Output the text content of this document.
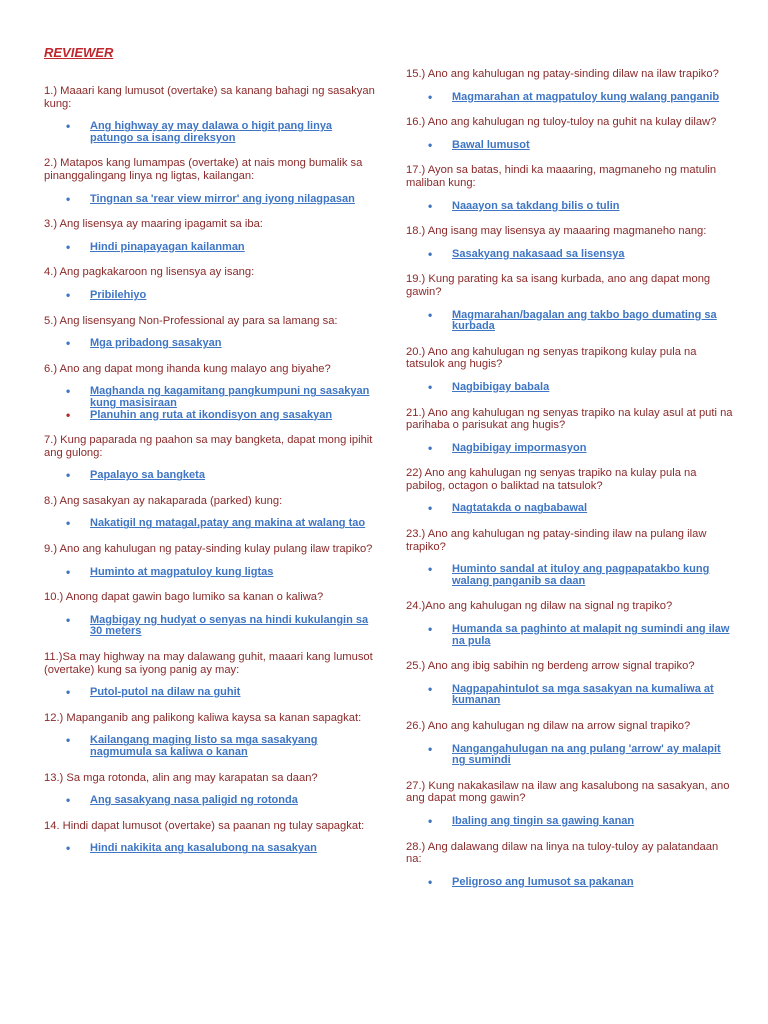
REVIEWER
1.) Maaari kang lumusot (overtake) sa kanang bahagi ng sasakyan kung:
• Ang highway ay may dalawa o higit pang linya patungo sa isang direksyon
2.) Matapos kang lumampas (overtake) at nais mong bumalik sa pinanggalingang linya ng ligtas, kailangan:
• Tingnan sa 'rear view mirror' ang iyong nilagpasan
3.) Ang lisensya ay maaring ipagamit sa iba:
• Hindi pinapayagan kailanman
4.) Ang pagkakaroon ng lisensya ay isang:
• Pribilehiyo
5.) Ang lisensyang Non-Professional ay para sa lamang sa:
• Mga pribadong sasakyan
6.) Ano ang dapat mong ihanda kung malayo ang biyahe?
• Maghanda ng kagamitang pangkumpuni ng sasakyan kung masisiraan
• Planuhin ang ruta at ikondisyon ang sasakyan
7.) Kung paparada ng paahon sa may bangketa, dapat mong ipihit ang gulong:
• Papalayo sa bangketa
8.) Ang sasakyan ay nakaparada (parked) kung:
• Nakatigil ng matagal,patay ang makina at walang tao
9.) Ano ang kahulugan ng patay-sinding kulay pulang ilaw trapiko?
• Huminto at magpatuloy kung ligtas
10.) Anong dapat gawin bago lumiko sa kanan o kaliwa?
• Magbigay ng hudyat o senyas na hindi kukulangin sa 30 meters
11.)Sa may highway na may dalawang guhit, maaari kang lumusot (overtake) kung sa iyong panig ay may:
• Putol-putol na dilaw na guhit
12.) Mapanganib ang palikong kaliwa kaysa sa kanan sapagkat:
• Kailangang maging listo sa mga sasakyang nagmumula sa kaliwa o kanan
13.) Sa mga rotonda, alin ang may karapatan sa daan?
• Ang sasakyang nasa paligid ng rotonda
14. Hindi dapat lumusot (overtake) sa paanan ng tulay sapagkat:
• Hindi nakikita ang kasalubong na sasakyan
15.) Ano ang kahulugan ng patay-sinding dilaw na ilaw trapiko?
• Magmarahan at magpatuloy kung walang panganib
16.) Ano ang kahulugan ng tuloy-tuloy na guhit na kulay dilaw?
• Bawal lumusot
17.) Ayon sa batas, hindi ka maaaring, magmaneho ng matulin maliban kung:
• Naaayon sa takdang bilis o tulin
18.) Ang isang may lisensya ay maaaring magmaneho nang:
• Sasakyang nakasaad sa lisensya
19.) Kung parating ka sa isang kurbada, ano ang dapat mong gawin?
• Magmarahan/bagalan ang takbo bago dumating sa kurbada
20.) Ano ang kahulugan ng senyas trapikong kulay pula na tatsulok ang hugis?
• Nagbibigay babala
21.) Ano ang kahulugan ng senyas trapiko na kulay asul at puti na parihaba o parisukat ang hugis?
• Nagbibigay impormasyon
22) Ano ang kahulugan ng senyas trapiko na kulay pula na pabilog, octagon o baliktad na tatsulok?
• Nagtatakda o nagbabawal
23.) Ano ang kahulugan ng patay-sinding ilaw na pulang ilaw trapiko?
• Huminto sandal at ituloy ang pagpapatakbo kung walang panganib sa daan
24.)Ano ang kahulugan ng dilaw na signal ng trapiko?
• Humanda sa paghinto at malapit ng sumindi ang ilaw na pula
25.) Ano ang ibig sabihin ng berdeng arrow signal trapiko?
• Nagpapahintulot sa mga sasakyan na kumaliwa at kumanan
26.) Ano ang kahulugan ng dilaw na arrow signal trapiko?
• Nangangahulugan na ang pulang 'arrow' ay malapit ng sumindi
27.) Kung nakakasilaw na ilaw ang kasalubong na sasakyan, ano ang dapat mong gawin?
• Ibaling ang tingin sa gawing kanan
28.) Ang dalawang dilaw na linya na tuloy-tuloy ay palatandaan na:
• Peligroso ang lumusot sa pakanan
